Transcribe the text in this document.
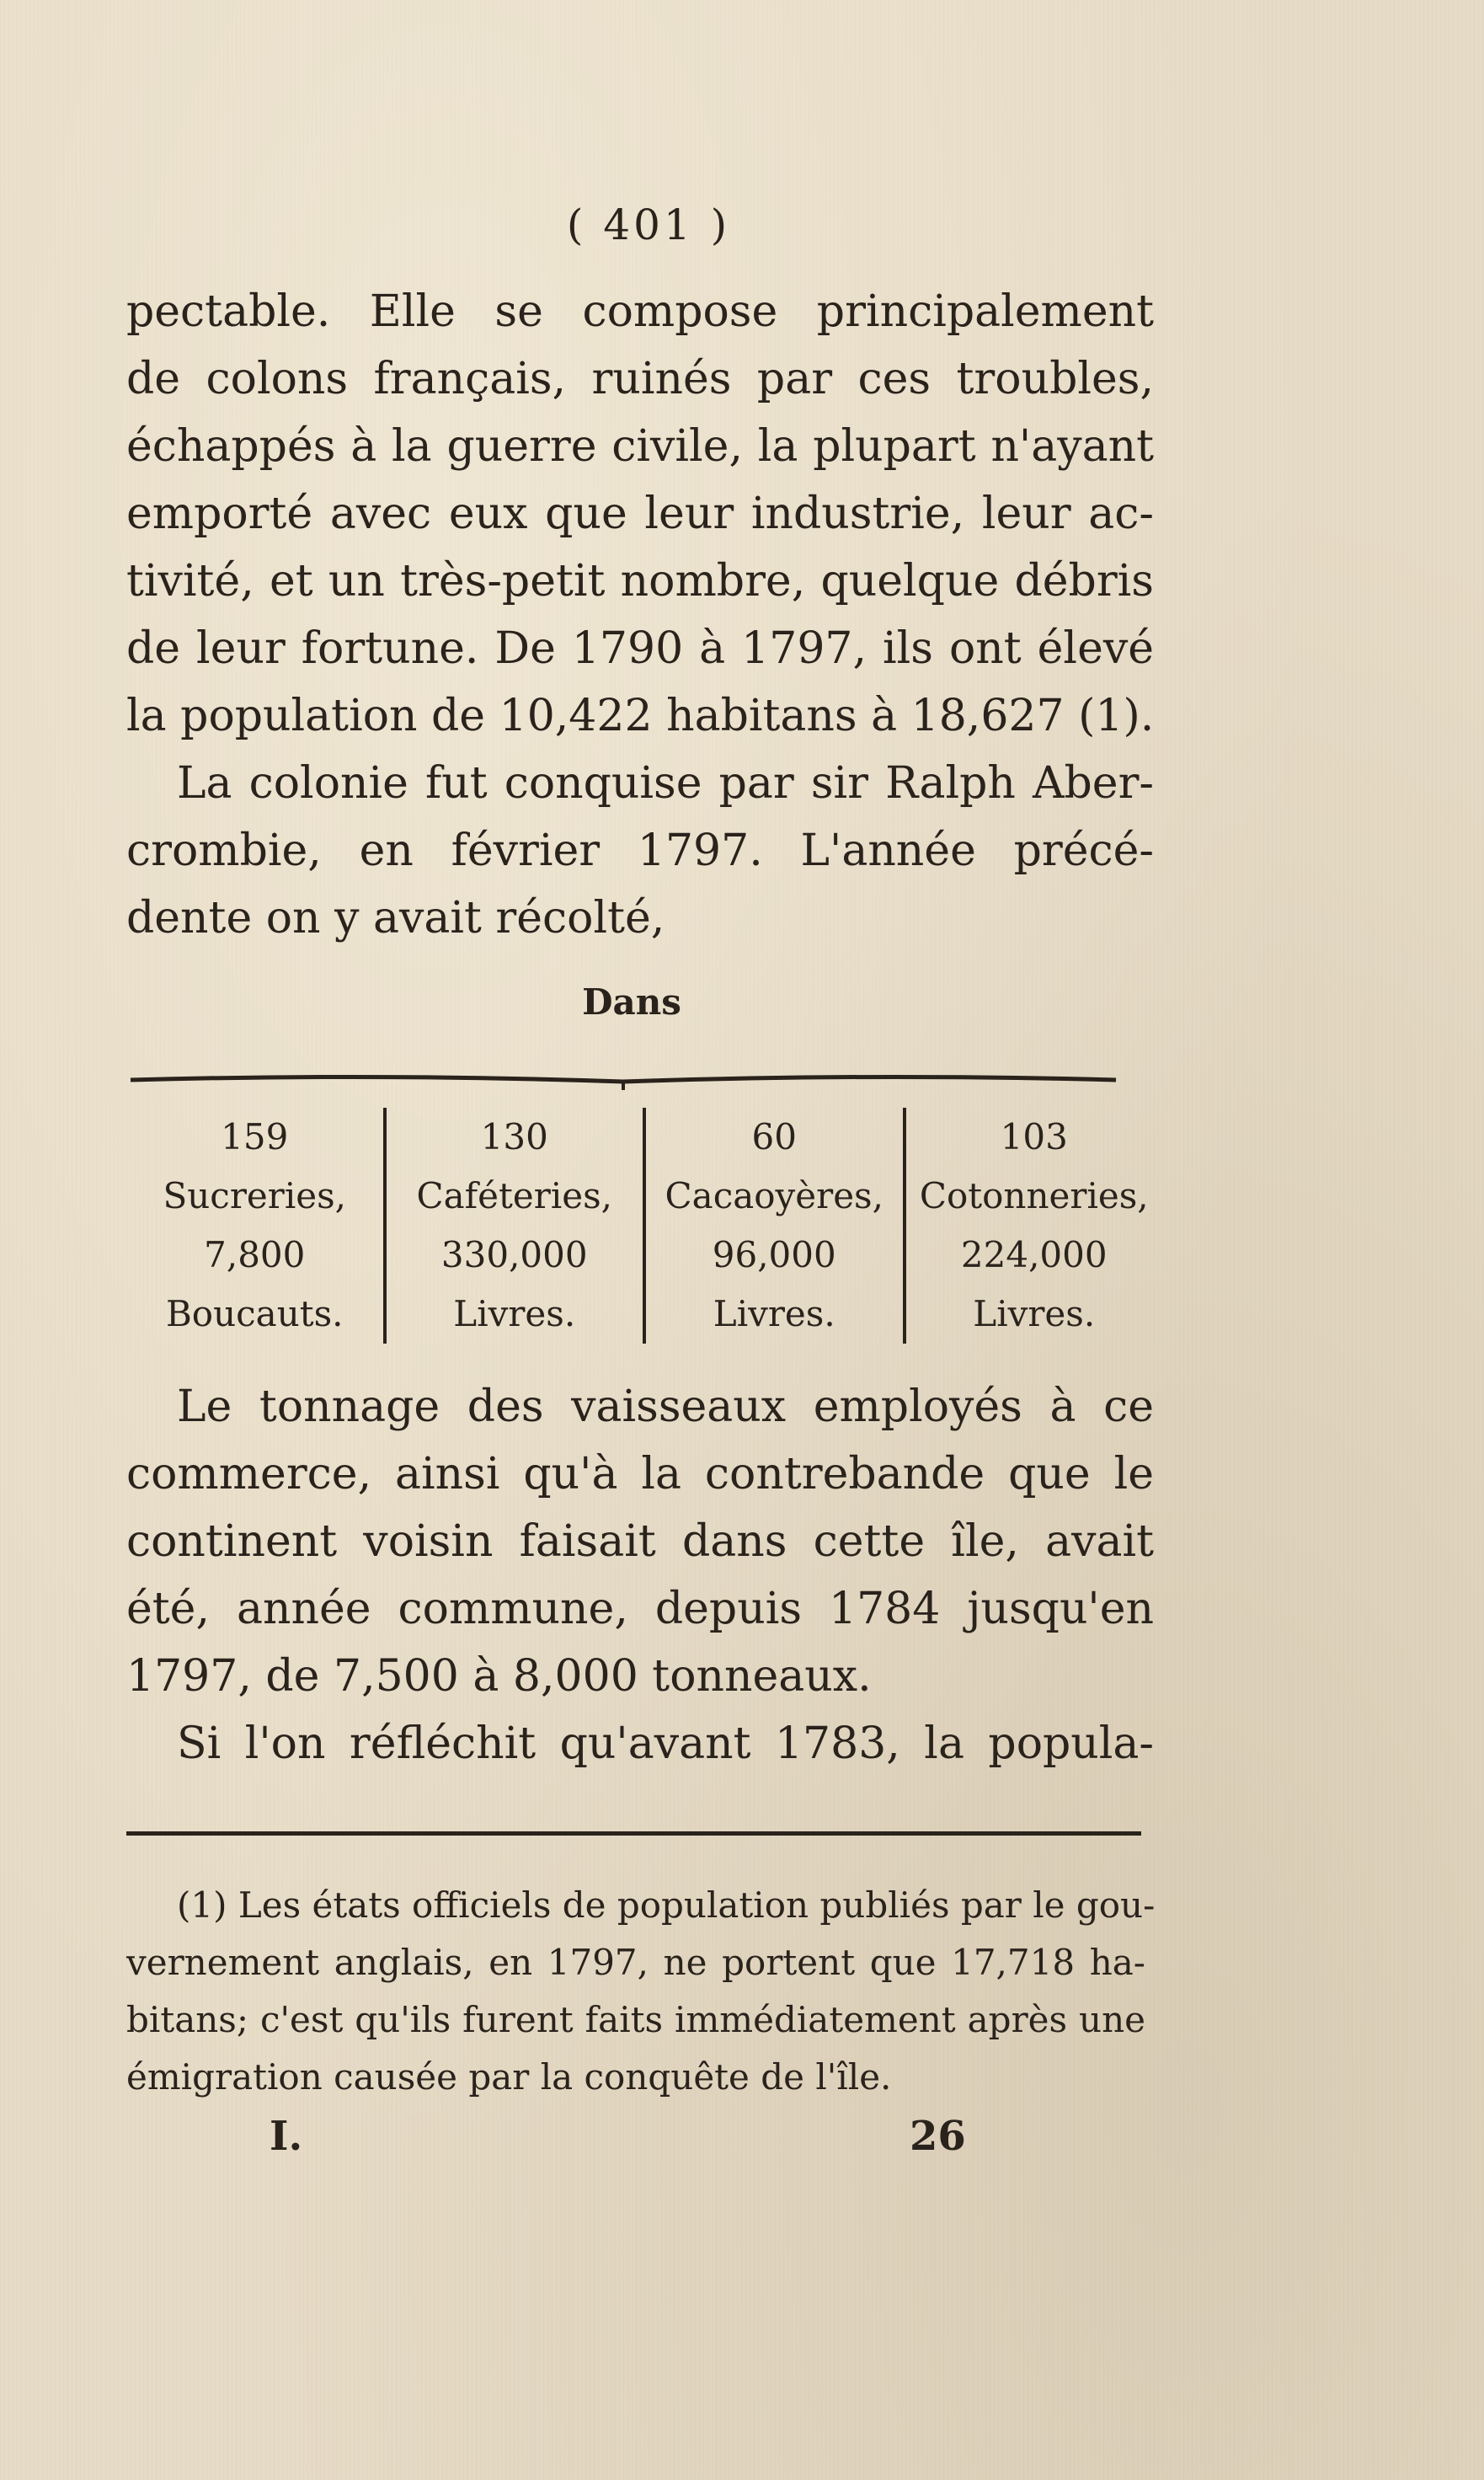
( 401 )
pectable. Elle se compose principalement
de colons français, ruinés par ces troubles,
échappés à la guerre civile, la plupart n'ayant
emporté avec eux que leur industrie, leur ac-
tivité, et un très-petit nombre, quelque débris
de leur fortune. De 1790 à 1797, ils ont élevé
la population de 10,422 habitans à 18,627 (1).
La colonie fut conquise par sir Ralph Aber-
crombie, en février 1797. L'année précé-
dente on y avait récolté,
Dans
159
Sucreries,
7,800
Boucauts.
130
Caféteries,
330,000
Livres.
60
Cacaoyères,
96,000
Livres.
103
Cotonneries,
224,000
Livres.
Le tonnage des vaisseaux employés à ce
commerce, ainsi qu'à la contrebande que le
continent voisin faisait dans cette île, avait
été, année commune, depuis 1784 jusqu'en
1797, de 7,500 à 8,000 tonneaux.
Si l'on réfléchit qu'avant 1783, la popula-
(1) Les états officiels de population publiés par le gou-
vernement anglais, en 1797, ne portent que 17,718 ha-
bitans; c'est qu'ils furent faits immédiatement après une
émigration causée par la conquête de l'île.
I.	26
